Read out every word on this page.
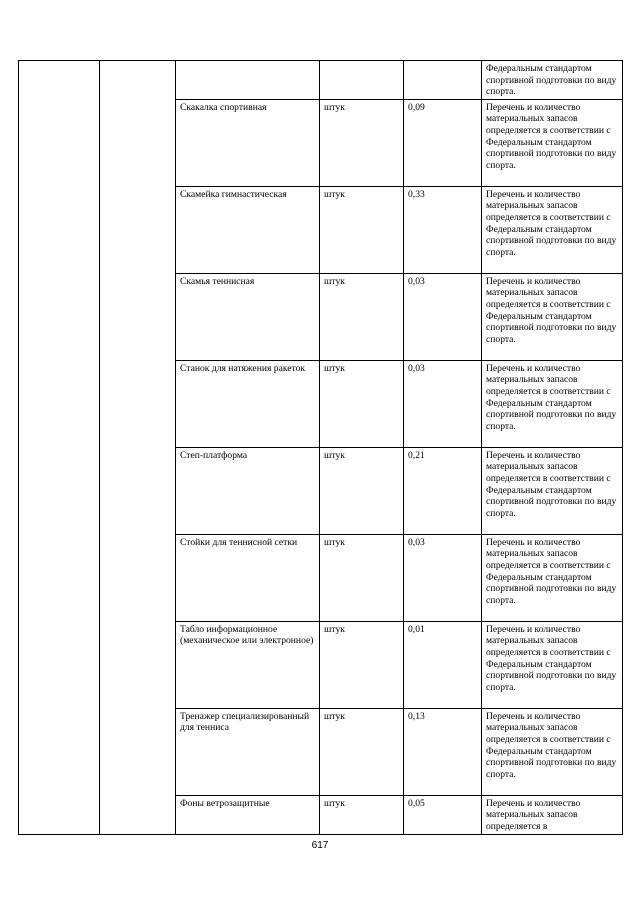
					Федеральным стандартом спортивной подготовки по виду спорта.
		Скакалка спортивная	штук	0,09	Перечень и количество материальных запасов определяется в соответствии с Федеральным стандартом спортивной подготовки по виду спорта.
		Скамейка гимнастическая	штук	0,33	Перечень и количество материальных запасов определяется в соответствии с Федеральным стандартом спортивной подготовки по виду спорта.
		Скамья теннисная	штук	0,03	Перечень и количество материальных запасов определяется в соответствии с Федеральным стандартом спортивной подготовки по виду спорта.
		Станок для натяжения ракеток	штук	0,03	Перечень и количество материальных запасов определяется в соответствии с Федеральным стандартом спортивной подготовки по виду спорта.
		Степ-платформа	штук	0,21	Перечень и количество материальных запасов определяется в соответствии с Федеральным стандартом спортивной подготовки по виду спорта.
		Стойки для теннисной сетки	штук	0,03	Перечень и количество материальных запасов определяется в соответствии с Федеральным стандартом спортивной подготовки по виду спорта.
		Табло информационное (механическое или электронное)	штук	0,01	Перечень и количество материальных запасов определяется в соответствии с Федеральным стандартом спортивной подготовки по виду спорта.
		Тренажер специализированный для тенниса	штук	0,13	Перечень и количество материальных запасов определяется в соответствии с Федеральным стандартом спортивной подготовки по виду спорта.
		Фоны ветрозащитные	штук	0,05	Перечень и количество материальных запасов определяется в
617
